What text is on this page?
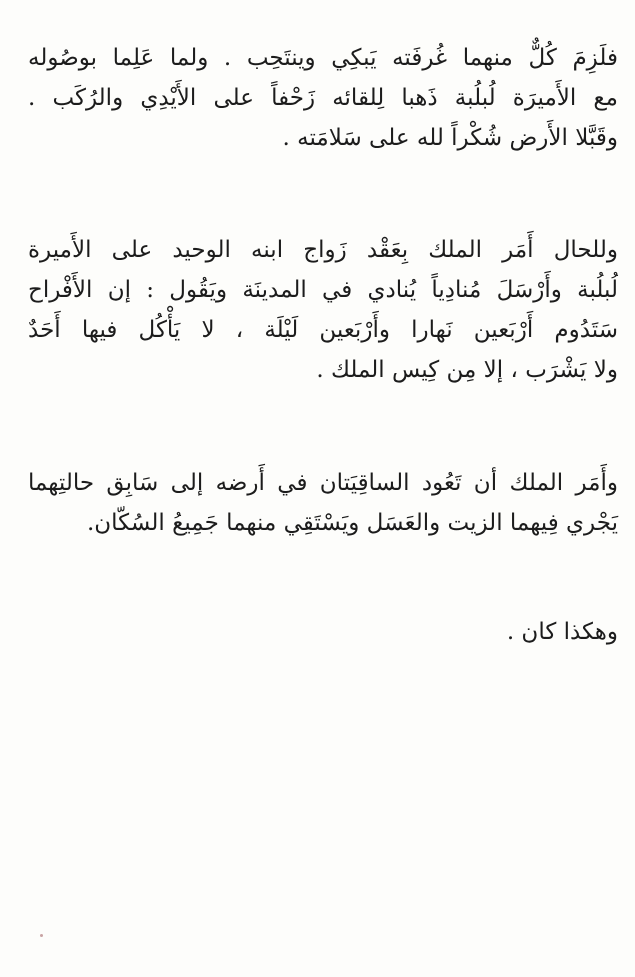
فلَزِمَ كُلٌّ منهما غُرفَته يَبكِي وينتَحِب . ولما عَلِما بوصُوله
مع الأَميرَة لُبلُبة ذَهبا لِلقائه زَحْفاً على الأَيْدِي والرُكَب .
وقَبَّلا الأَرض شُكْراً لله على سَلامَته .

وللحال أَمَر الملك بِعَقْد زَواج ابنه الوحيد على الأَميرة
لُبلُبة وأَرْسَلَ مُنادِياً يُنادي في المدينَة ويَقُول : إن الأَفْراح
سَتَدُوم أَرْبَعين نَهارا وأَرْبَعين لَيْلَة ، لا يَأْكُل فيها أَحَدٌ
ولا يَشْرَب ، إلا مِن كِيس الملك .

وأَمَر الملك أن تَعُود الساقِيَتان في أَرضه إلى سَابِق حالتِهما
يَجْري فِيهما الزيت والعَسَل ويَسْتَقِي منهما جَمِيعُ السُكّان.

وهكذا كان .
